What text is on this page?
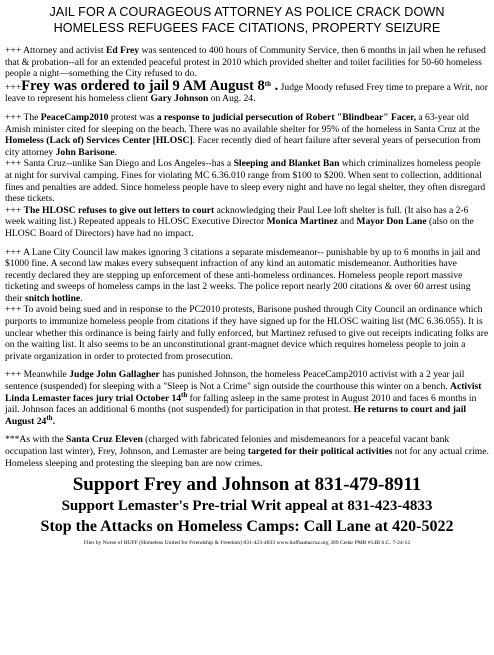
JAIL FOR A COURAGEOUS ATTORNEY AS POLICE CRACK DOWN
HOMELESS REFUGEES FACE CITATIONS, PROPERTY SEIZURE

+++ Attorney and activist Ed Frey was sentenced to 400 hours of Community Service, then 6 months in jail when he refused that & probation--all for an extended peaceful protest in 2010 which provided shelter and toilet facilities for 50-60 homeless people a night—something the City refused to do.

+++Frey was ordered to jail 9 AM August 8th . Judge Moody refused Frey time to prepare a Writ, nor leave to represent his homeless client Gary Johnson on Aug. 24.

+++ The PeaceCamp2010 protest was a response to judicial persecution of Robert "Blindbear" Facer, a 63-year old Amish minister cited for sleeping on the beach. There was no available shelter for 95% of the homeless in Santa Cruz at the Homeless (Lack of) Services Center [HLOSC]. Facer recently died of heart failure after several years of persecution from city attorney John Barisone.

+++ Santa Cruz--unlike San Diego and Los Angeles--has a Sleeping and Blanket Ban which criminalizes homeless people at night for survival camping. Fines for violating MC 6.36.010 range from $100 to $200. When sent to collection, additional fines and penalties are added. Since homeless people have to sleep every night and have no legal shelter, they often disregard these tickets.

+++ The HLOSC refuses to give out letters to court acknowledging their Paul Lee loft shelter is full. (It also has a 2-6 week waiting list.) Repeated appeals to HLOSC Executive Director Monica Martinez and Mayor Don Lane (also on the HLOSC Board of Directors) have had no impact.

+++ A Lane City Council law makes ignoring 3 citations a separate misdemeanor-- punishable by up to 6 months in jail and $1000 fine. A second law makes every subsequent infraction of any kind an automatic misdemeanor. Authorities have recently declared they are stepping up enforcement of these anti-homeless ordinances. Homeless people report massive ticketing and sweeps of homeless camps in the last 2 weeks. The police report nearly 200 citations & over 60 arrest using their snitch hotline.

+++ To avoid being sued and in response to the PC2010 protests, Barisone pushed through City Council an ordinance which purports to immunize homeless people from citations if they have signed up for the HLOSC waiting list (MC 6.36.055). It is unclear whether this ordinance is being fairly and fully enforced, but Martinez refused to give out receipts indicating folks are on the waiting list. It also seems to be an unconstitutional grant-magnet device which requires homeless people to join a private organization in order to protected from prosecution.

+++ Meanwhile Judge John Gallagher has punished Johnson, the homeless PeaceCamp2010 activist with a 2 year jail sentence (suspended) for sleeping with a "Sleep is Not a Crime" sign outside the courthouse this winter on a bench. Activist Linda Lemaster faces jury trial October 14th for falling asleep in the same protest in August 2010 and faces 6 months in jail. Johnson faces an additional 6 months (not suspended) for participation in that protest. He returns to court and jail August 24th.

***As with the Santa Cruz Eleven (charged with fabricated felonies and misdemeanors for a peaceful vacant bank occupation last winter), Frey, Johnson, and Lemaster are being targeted for their political activities not for any actual crime. Homeless sleeping and protesting the sleeping ban are now crimes.

Support Frey and Johnson at 831-479-8911

Support Lemaster's Pre-trial Writ appeal at 831-423-4833

Stop the Attacks on Homeless Camps: Call Lane at 420-5022

Flier by Norse of HUFF (Homeless United for Friendship & Freedom) 831-423-4833 www.huffsantacruz.org 309 Cedar PMB #14B S.C. 7-24-12
